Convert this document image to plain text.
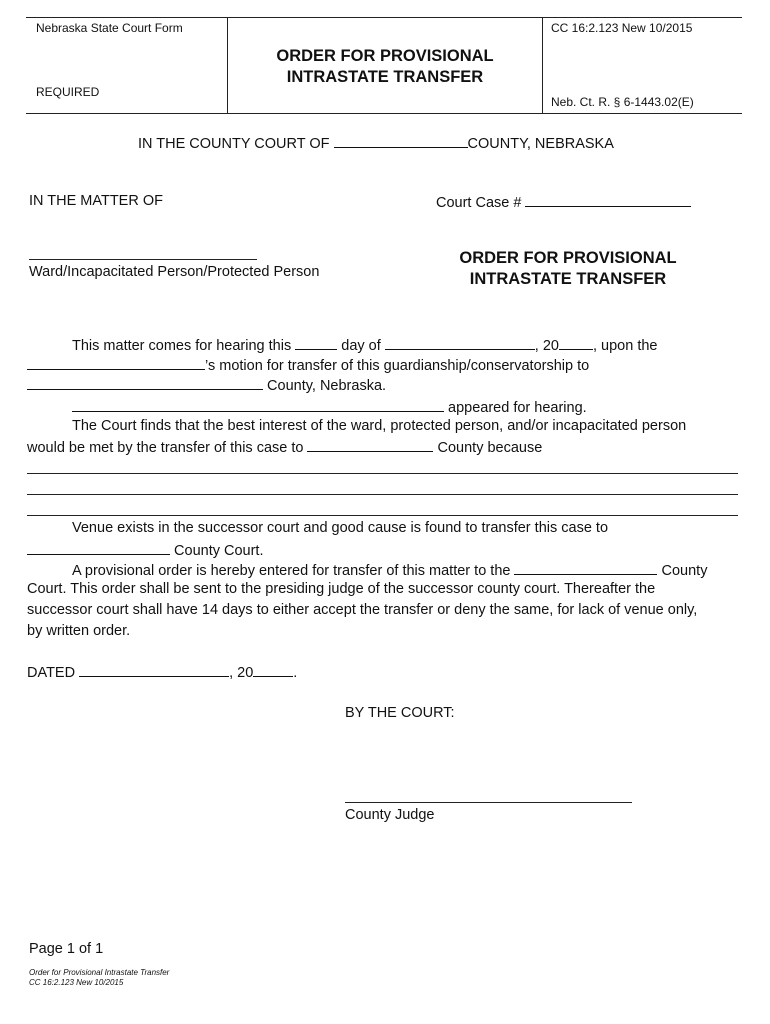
Nebraska State Court Form
REQUIRED
ORDER FOR PROVISIONAL
INTRASTATE TRANSFER
CC 16:2.123 New 10/2015
Neb. Ct. R. § 6-1443.02(E)
IN THE COUNTY COURT OF	COUNTY, NEBRASKA
IN THE MATTER OF	Court Case #
Ward/Incapacitated Person/Protected Person
ORDER FOR PROVISIONAL
INTRASTATE TRANSFER
This matter comes for hearing this	day of	, 20 , upon the
’s motion for transfer of this guardianship/conservatorship to
County, Nebraska.
appeared for hearing.
The Court finds that the best interest of the ward, protected person, and/or incapacitated person
would be met by the transfer of this case to	County because
Venue exists in the successor court and good cause is found to transfer this case to
County Court.
A provisional order is hereby entered for transfer of this matter to the	County
Court. This order shall be sent to the presiding judge of the successor county court. Thereafter the
successor court shall have 14 days to either accept the transfer or deny the same, for lack of venue only,
by written order.
DATED	, 20	.
BY THE COURT:
County Judge
Page 1 of 1
Order for Provisional Intrastate Transfer
CC 16:2.123 New 10/2015
